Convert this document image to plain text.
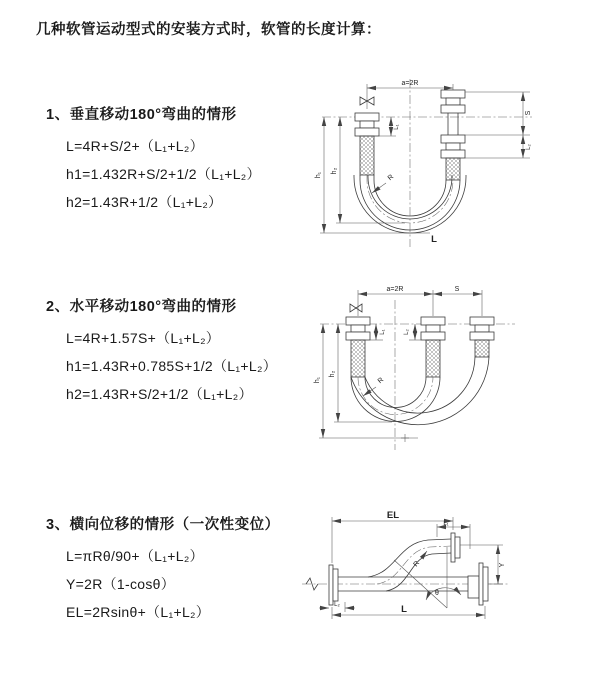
几种软管运动型式的安装方式时，软管的长度计算：
1、垂直移动180°弯曲的情形
L=4R+S/2+（L₁+L₂）
h1=1.432R+S/2+1/2（L₁+L₂）
h2=1.43R+1/2（L₁+L₂）
a=2R
L₁
S
L₂
R
h₁
h₂
L
2、水平移动180°弯曲的情形
L=4R+1.57S+（L₁+L₂）
h1=1.43R+0.785S+1/2（L₁+L₂）
h2=1.43R+S/2+1/2（L₁+L₂）
a=2R	S
L₁	L₂
R
h₁
h₂
3、横向位移的情形（一次性变位）
L=πRθ/90+（L₁+L₂）
Y=2R（1-cosθ）
EL=2Rsinθ+（L₁+L₂）
EL
L₁
Y
R
θ
L₂	L
